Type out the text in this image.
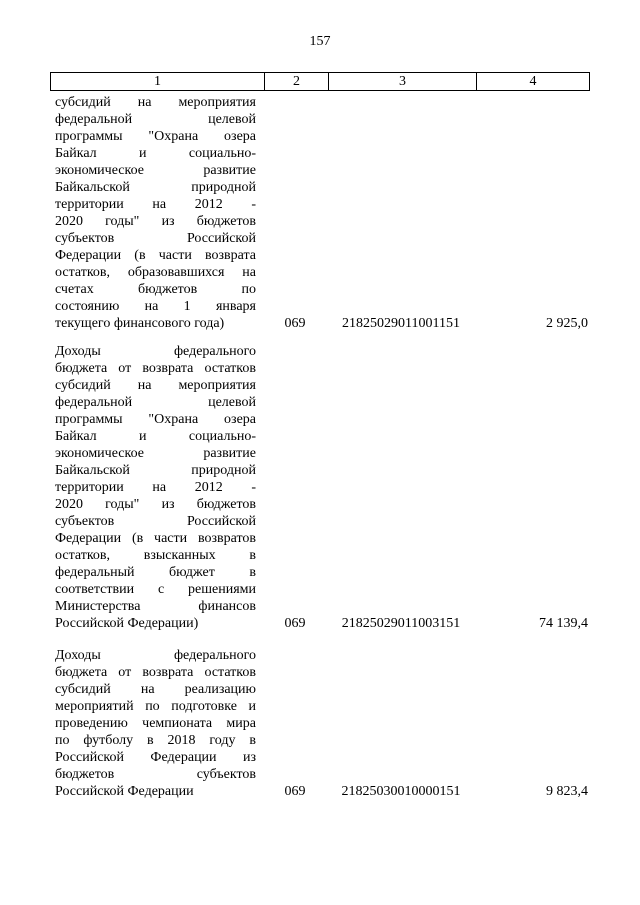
157
1	2	3	4
субсидий на мероприятия
федеральной целевой
программы "Охрана озера
Байкал и социально-
экономическое развитие
Байкальской природной
территории на 2012 -
2020 годы" из бюджетов
субъектов Российской
Федерации (в части возврата
остатков, образовавшихся на
счетах бюджетов по
состоянию на 1 января
текущего финансового года)	069	21825029011001151	2 925,0
Доходы федерального
бюджета от возврата остатков
субсидий на мероприятия
федеральной целевой
программы "Охрана озера
Байкал и социально-
экономическое развитие
Байкальской природной
территории на 2012 -
2020 годы" из бюджетов
субъектов Российской
Федерации (в части возвратов
остатков, взысканных в
федеральный бюджет в
соответствии с решениями
Министерства финансов
Российской Федерации)	069	21825029011003151	74 139,4
Доходы федерального
бюджета от возврата остатков
субсидий на реализацию
мероприятий по подготовке и
проведению чемпионата мира
по футболу в 2018 году в
Российской Федерации из
бюджетов субъектов
Российской Федерации	069	21825030010000151	9 823,4
